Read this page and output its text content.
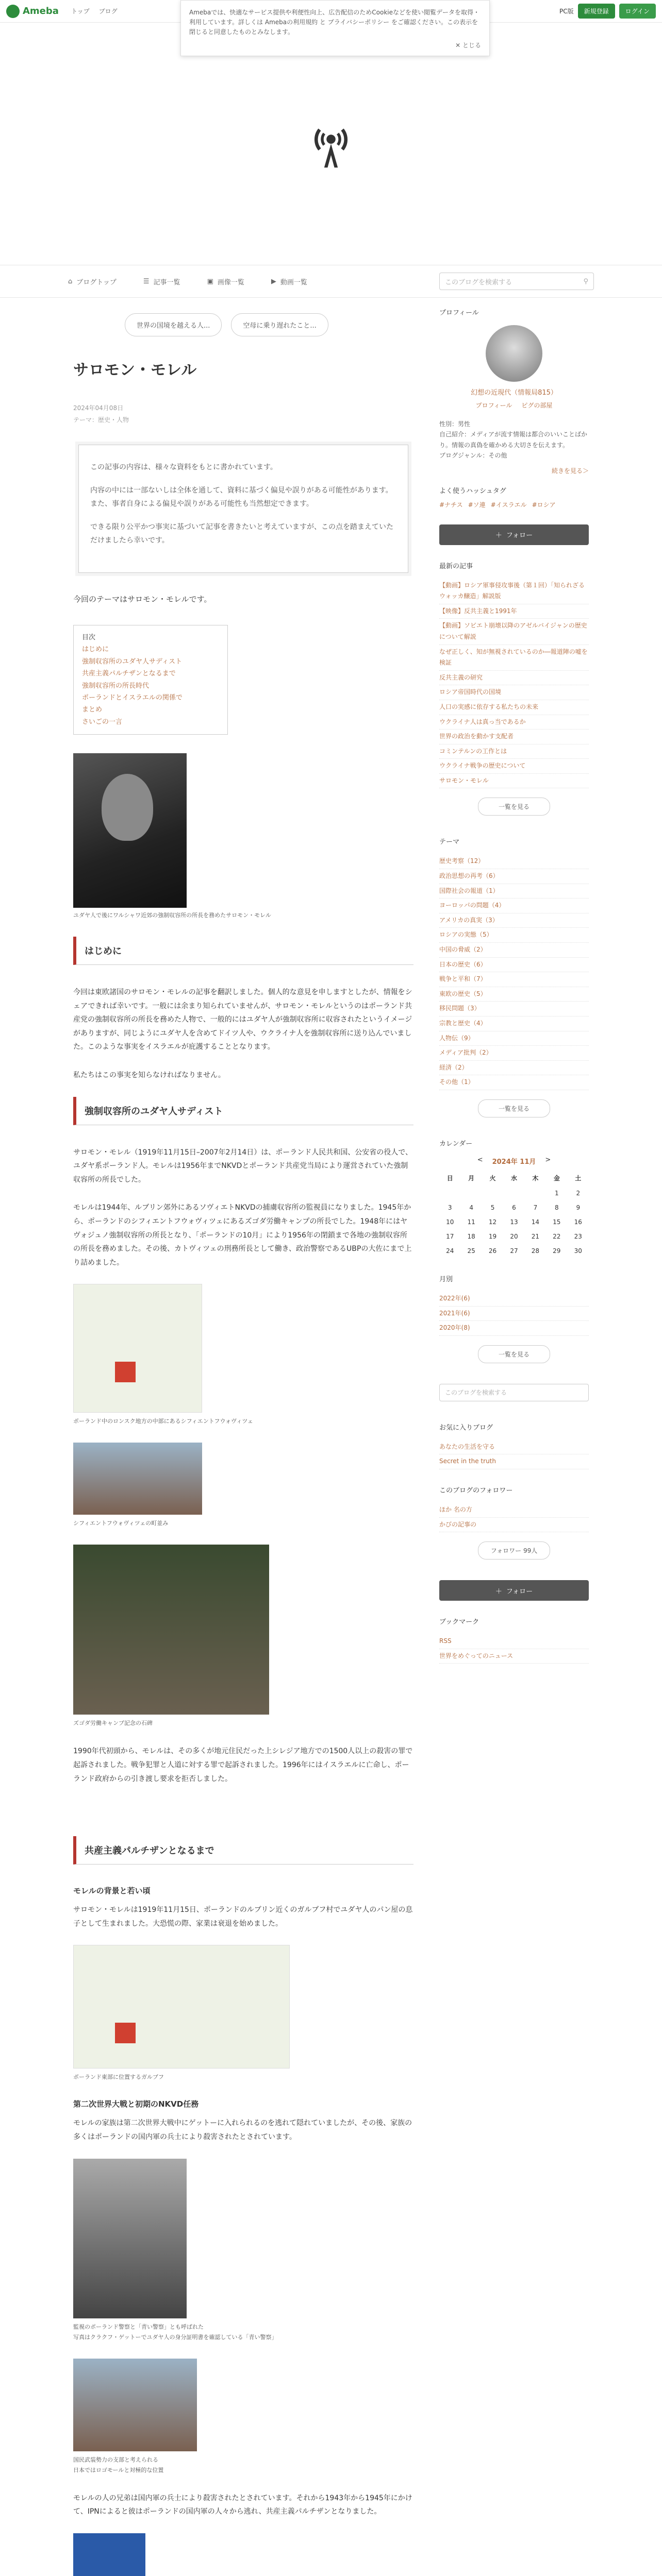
Ameba トップ ブログ	PC版	新規登録	ログイン

Amebaでは、快適なサービス提供や利便性向上、広告配信のためCookieなどを使い閲覧データを取得・利用しています。詳しくは Amebaの利用規約 と プライバシーポリシー をご確認ください。この表示を閉じると同意したものとみなします。

✕ とじる
⌂ ブログトップ	☰ 記事一覧	▣ 画像一覧	▶ 動画一覧	このブログを検索する	⚲
世界の国境を越える人...	空母に乗り遅れたこと...
サロモン・モレル
2024年04月08日
テーマ：歴史・人物

この記事の内容は、様々な資料をもとに書かれています。

内容の中には一部ないしは全体を通して、資料に基づく偏見や誤りがある可能性があります。また、事者自身による偏見や誤りがある可能性も当然想定できます。

できる限り公平かつ事実に基づいて記事を書きたいと考えていますが、この点を踏まえていただけましたら幸いです。

今回のテーマはサロモン・モレルです。

目次
はじめに
強制収容所のユダヤ人サディスト
共産主義パルチザンとなるまで
強制収容所の所長時代
ポーランドとイスラエルの関係で
まとめ
さいごの一言
ユダヤ人で後にワルシャワ近郊の強制収容所の所長を務めたサロモン・モレル
はじめに

今回は東欧諸国のサロモン・モレルの記事を翻訳しました。個人的な意見を申しますとしたが、情報をシェアできれば幸いです。一般には余まり知られていませんが、サロモン・モレルというのはポーランド共産党の強制収容所の所長を務めた人物で、一般的にはユダヤ人が強制収容所に収容されたというイメージがありますが、同じようにユダヤ人を含めてドイツ人や、ウクライナ人を強制収容所に送り込んでいました。このような事実をイスラエルが庇護することとなります。

私たちはこの事実を知らなければなりません。

強制収容所のユダヤ人サディスト

サロモン・モレル（1919年11月15日–2007年2月14日）は、ポーランド人民共和国、公安省の役人で、ユダヤ系ポーランド人。モレルは1956年までNKVDとポーランド共産党当局により運営されていた強制収容所の所長でした。

モレルは1944年、ルブリン郊外にあるソヴィエトNKVDの捕虜収容所の監視員になりました。1945年から、ポーランドのシフィエントフウォヴィツェにあるズゴダ労働キャンプの所長でした。1948年にはヤヴォジュノ強制収容所の所長となり、「ポーランドの10月」により1956年の閉鎖まで各地の強制収容所の所長を務めました。その後、カトヴィツェの刑務所長として働き、政治警察であるUBPの大佐にまで上り詰めました。

ポーランド中のロンスク地方の中部にあるシフィエントフウォヴィツェ
シフィエントフウォヴィツェの町並み
ズゴダ労働キャンプ記念の石碑

1990年代初頭から、モレルは、その多くが地元住民だった上シレジア地方での1500人以上の殺害の罪で起訴されました。戦争犯罪と人道に対する罪で起訴されました。1996年にはイスラエルに亡命し、ポーランド政府からの引き渡し要求を拒否しました。

共産主義パルチザンとなるまで
モレルの背景と若い頃

サロモン・モレルは1919年11月15日、ポーランドのルブリン近くのガルブフ村でユダヤ人のパン屋の息子として生まれました。大恐慌の際、家業は衰退を始めました。

ポーランド東部に位置するガルブフ
第二次世界大戦と初期のNKVD任務

モレルの家族は第二次世界大戦中にゲットーに入れられるのを逃れて隠れていましたが、その後、家族の多くはポーランドの国内軍の兵士により殺害されたとされています。

監視のポーランド警察と「青い警察」とも呼ばれた
写真はクラクフ・ゲットーでユダヤ人の身分証明書を確認している「青い警察」
国民武装勢力の支部と考えられる
日本ではロゴモールと対極的な位置

モレルの人の兄弟は国内軍の兵士により殺害されたとされています。それから1943年から1945年にかけて、IPNによると彼はポーランドの国内軍の人々から逃れ、共産主義パルチザンとなりました。

プロフィール
幻想の近現代（情報局815）
プロフィール ピグの部屋
性別：男性
自己紹介：メディアが流す情報は都合のいいことばかり。情報の真偽を確かめる大切さを伝えます。
ブログジャンル：その他
続きを見る＞
よく使うハッシュタグ
#ナチス #ソ連 #イスラエル #ロシア
＋ フォロー
最新の記事
【動画】ロシア軍事侵攻事後（第１回）「知られざるウォッカ醸造」解説版
【映像】反共主義と1991年
【動画】ソビエト崩壊以降のアゼルバイジャンの歴史について解説
なぜ正しく、知が無視されているのか―報道陣の嘘を検証
反共主義の研究
ロシア帝国時代の国境
人口の実感に依存する私たちの未来
ウクライナ人は真っ当であるか
世界の政治を動かす支配者
コミンテルンの工作とは
ウクライナ戦争の歴史について
サロモン・モレル
一覧を見る
テーマ
歴史考察（12）
政治思想の再考（6）
国際社会の報道（1）
ヨーロッパの問題（4）
アメリカの真実（3）
ロシアの実態（5）
中国の脅威（2）
日本の歴史（6）
戦争と平和（7）
東欧の歴史（5）
移民問題（3）
宗教と歴史（4）
人物伝（9）
メディア批判（2）
経済（2）
その他（1）
一覧を見る
カレンダー
< 2024年 11月 >
日	月	火	水	木	金	土
					1	2
3	4	5	6	7	8	9
10	11	12	13	14	15	16
17	18	19	20	21	22	23
24	25	26	27	28	29	30
月別
2022年(6)
2021年(6)
2020年(8)
一覧を見る
このブログを検索する
お気に入りブログ
あなたの生活を守る
Secret in the truth
このブログのフォロワー
ほか 名の方
かびの記事の
フォロワー 99人
＋ フォロー
ブックマーク
RSS
世界をめぐってのニュース
